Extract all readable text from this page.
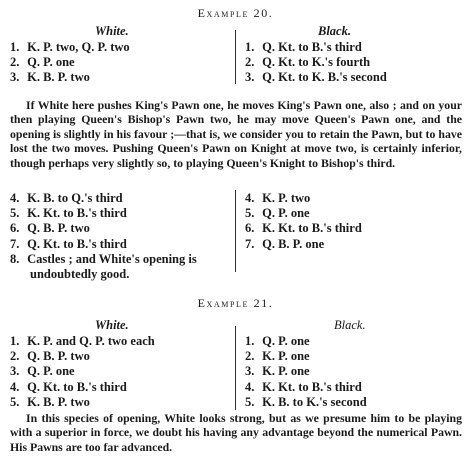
Example 20.
White.	Black.
1. K. P. two, Q. P. two
2. Q. P. one
3. K. B. P. two
1. Q. Kt. to B.'s third
2. Q. Kt. to K.'s fourth
3. Q. Kt. to K. B.'s second

If White here pushes King's Pawn one, he moves King's Pawn one, also ; and on your then playing Queen's Bishop's Pawn two, he may move Queen's Pawn one, and the opening is slightly in his favour ;—that is, we consider you to retain the Pawn, but to have lost the two moves. Pushing Queen's Pawn on Knight at move two, is certainly inferior, though perhaps very slightly so, to playing Queen's Knight to Bishop's third.

4. K. B. to Q.'s third
5. K. Kt. to B.'s third
6. Q. B. P. two
7. Q. Kt. to B.'s third
8. Castles ; and White's opening is
undoubtedly good.
4. K. P. two
5. Q. P. one
6. K. Kt. to B.'s third
7. Q. B. P. one
Example 21.
White.	Black.
1. K. P. and Q. P. two each
2. Q. B. P. two
3. Q. P. one
4. Q. Kt. to B.'s third
5. K. B. P. two
1. Q. P. one
2. K. P. one
3. K. P. one
4. K. Kt. to B.'s third
5. K. B. to K.'s second

In this species of opening, White looks strong, but as we presume him to be playing with a superior in force, we doubt his having any advantage beyond the numerical Pawn. His Pawns are too far advanced.
